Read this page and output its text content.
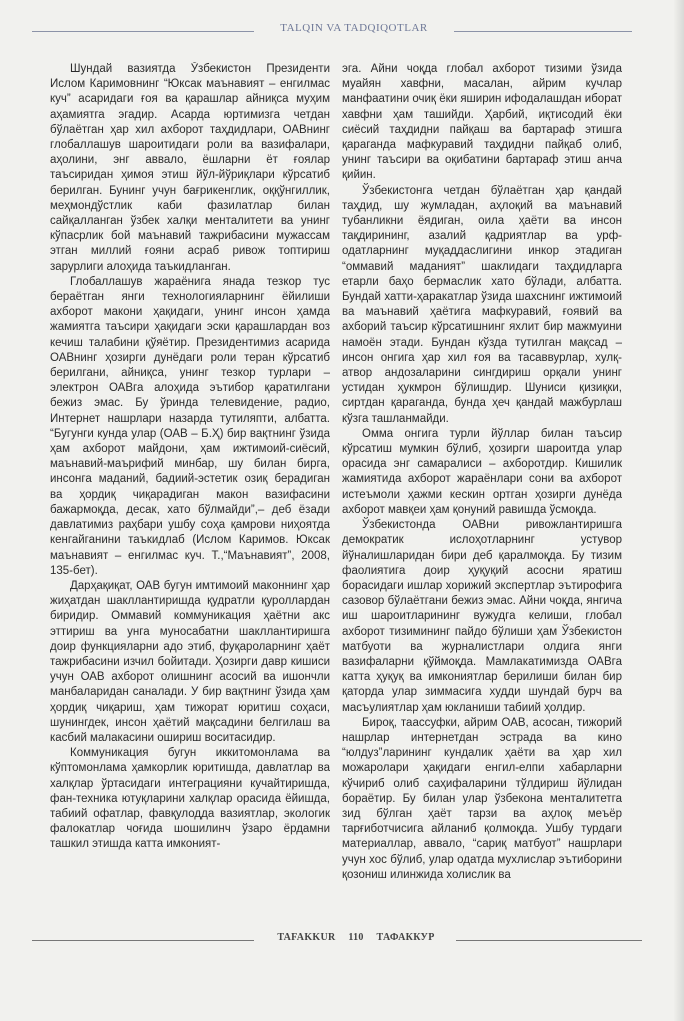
TALQIN VA TADQIQOTLAR

Шундай вазиятда Ўзбекистон Президенти Ислом Каримовнинг “Юксак маънавият – енгилмас куч” асаридаги ғоя ва қарашлар айниқса муҳим аҳамиятга эгадир. Асарда юртимизга четдан бўлаётган ҳар хил ахборот таҳдидлари, ОАВнинг глобаллашув шароитидаги роли ва вазифалари, аҳолини, энг аввало, ёшларни ёт ғоялар таъсиридан ҳимоя этиш йўл-йўриқлари кўрсатиб берилган. Бунинг учун бағрикенглик, оққўнгиллик, меҳмондўстлик каби фазилатлар билан сайқалланган ўзбек халқи менталитети ва унинг кўпасрлик бой маънавий тажрибасини мужассам этган миллий ғояни асраб ривож топтириш зарурлиги алоҳида таъкидланган.

Глобаллашув жараёнига янада тезкор тус берaётган янги технологияларнинг ёйилиши ахборот макони ҳақидаги, унинг инсон ҳамда жамиятга таъсири ҳақидаги эски қарашлардан воз кечиш талабини қўяётир. Президентимиз асарида ОАВнинг ҳозирги дунёдаги роли теран кўрсатиб берилгани, айниқса, унинг тезкор турлари – электрон ОАВга алоҳида эътибор қаратилгани бежиз эмас. Бу ўринда телевидение, радио, Интернет нашрлари назарда тутиляпти, албатта. “Бугунги кунда улар (ОАВ – Б.Ҳ) бир вақтнинг ўзида ҳам ахборот майдони, ҳам ижтимоий-сиёсий, маънавий-маърифий минбар, шу билан бирга, инсонга маданий, бадиий-эстетик озиқ берадиган ва ҳордиқ чиқарадиган макон вазифасини бажармоқда, десак, хато бўлмайди”,– деб ёзади давлатимиз раҳбари ушбу соҳа қамрови ниҳоятда кенгайганини таъкидлаб (Ислом Каримов. Юксак маънавият – енгилмас куч. Т.,“Маънавият”, 2008, 135-бет).

Дарҳақиқат, ОАВ бугун имтимоий маконнинг ҳар жиҳатдан шакллантиришда қудратли қуроллардан биридир. Оммавий коммуникация ҳаётни акс эттириш ва унга муносабатни шакллантиришга доир функцияларни адо этиб, фуқароларнинг ҳаёт тажрибасини изчил бойитади. Ҳозирги давр кишиси учун ОАВ ахборот олишнинг асосий ва ишончли манбаларидан саналади. У бир вақтнинг ўзида ҳам ҳордиқ чиқариш, ҳам тижорат юритиш соҳаси, шунингдек, инсон ҳаётий мақсадини белгилаш ва касбий малакасини ошириш воситасидир.

Коммуникация бугун иккитомонлама ва кўптомонлама ҳамкорлик юритишда, давлатлар ва халқлар ўртасидаги интеграцияни кучайтиришда, фан-техника ютуқларини халқлар орасида ёйишда, табиий офатлар, фавқулодда вазиятлар, экологик фалокатлар чоғида шошилинч ўзаро ёрдамни ташкил этишда катта имконият-

эга. Айни чоқда глобал ахборот тизими ўзида муайян хавфни, масалан, айрим кучлар манфаатини очиқ ёки яширин ифодалашдан иборат хавфни ҳам ташийди. Ҳарбий, иқтисодий ёки сиёсий таҳдидни пайқаш ва бартараф этишга қараганда мафкуравий таҳдидни пайқаб олиб, унинг таъсири ва оқибатини бартараф этиш анча қийин.

Ўзбекистонга четдан бўлаётган ҳар қандай таҳдид, шу жумладан, аҳлоқий ва маънавий тубанликни ёядиган, оила ҳаёти ва инсон тақдирининг, азалий қадриятлар ва урф-одатларнинг муқаддаслигини инкор этадиган “оммавий маданият” шаклидаги таҳдидларга етарли баҳо бермаслик хато бўлади, албатта. Бундай хатти-ҳаракатлар ўзида шахснинг ижтимоий ва маънавий ҳаётига мафкуравий, ғоявий ва ахборий таъсир кўрсатишнинг яхлит бир мажмуини намоён этади. Бундан кўзда тутилган мақсад – инсон онгига ҳар хил ғоя ва тасаввурлар, хулқ-атвор андозаларини сингдириш орқали унинг устидан ҳукмрон бўлишдир. Шуниси қизиқки, сиртдан қараганда, бунда ҳеч қандай мажбурлаш кўзга ташланмайди.

Омма онгига турли йўллар билан таъсир кўрсатиш мумкин бўлиб, ҳозирги шароитда улар орасида энг самаралиси – ахборотдир. Кишилик жамиятида ахборот жараёнлари сони ва ахборот истеъмоли ҳажми кескин ортган ҳозирги дунёда ахборот мавқеи ҳам қонуний равишда ўсмоқда.

Ўзбекистонда ОАВни ривожлантиришга демократик ислоҳотларнинг устувор йўналишларидан бири деб қаралмоқда. Бу тизим фаолиятига доир ҳуқуқий асосни яратиш борасидаги ишлар хорижий экспертлар эътирофига сазовор бўлаётгани бежиз эмас. Айни чоқда, янгича иш шароитларининг вужудга келиши, глобал ахборот тизимининг пайдо бўлиши ҳам Ўзбекистон матбуоти ва журналистлари олдига янги вазифаларни қўймоқда. Мамлакатимизда ОАВга катта ҳуқуқ ва имкониятлар берилиши билан бир қаторда улар зиммасига худди шундай бурч ва масъулиятлар ҳам юкланиши табиий ҳолдир.

Бироқ, таассуфки, айрим ОАВ, асосан, тижорий нашрлар интернетдан эстрада ва кино “юлдуз”ларининг кундалик ҳаёти ва ҳар хил можаролари ҳақидаги енгил-елпи хабарларни кўчириб олиб саҳифаларини тўлдириш йўлидан бораётир. Бу билан улар ўзбекона менталитетга зид бўлган ҳаёт тарзи ва аҳлоқ меъёр тарғиботчисига айланиб қолмоқда. Ушбу турдаги материаллар, аввало, “сариқ матбуот” нашрлари учун хос бўлиб, улар одатда мухлислар эътиборини қозониш илинжида холислик ва

TAFAKKUR 110 ТАФАККУР
